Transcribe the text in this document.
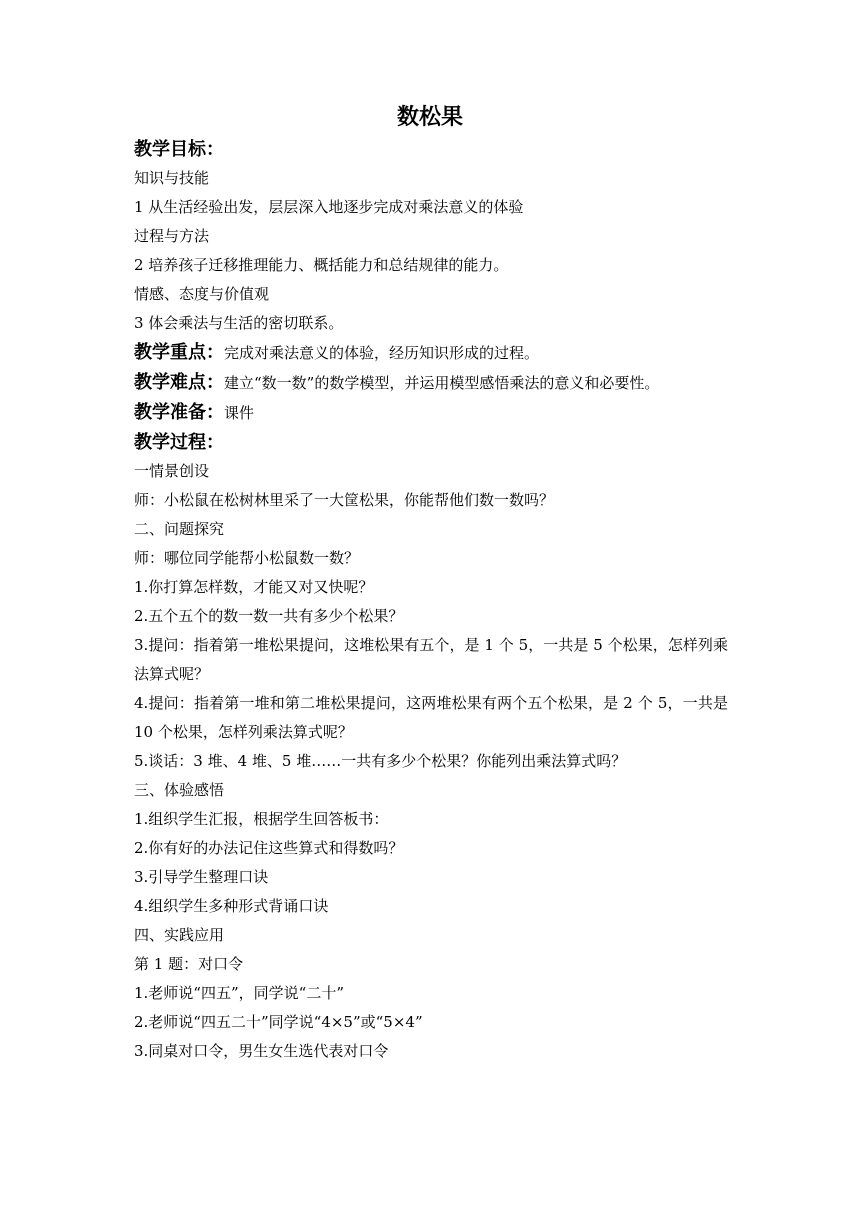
数松果
教学目标：
知识与技能
1 从生活经验出发，层层深入地逐步完成对乘法意义的体验
过程与方法
2 培养孩子迁移推理能力、概括能力和总结规律的能力。
情感、态度与价值观
3 体会乘法与生活的密切联系。
教学重点：完成对乘法意义的体验，经历知识形成的过程。
教学难点：建立“数一数”的数学模型，并运用模型感悟乘法的意义和必要性。
教学准备：课件
教学过程：
一情景创设
师：小松鼠在松树林里采了一大筐松果，你能帮他们数一数吗？
二、问题探究
师：哪位同学能帮小松鼠数一数？
1.你打算怎样数，才能又对又快呢？
2.五个五个的数一数一共有多少个松果？
3.提问：指着第一堆松果提问，这堆松果有五个，是 1 个 5，一共是 5 个松果，怎样列乘法算式呢？
4.提问：指着第一堆和第二堆松果提问，这两堆松果有两个五个松果，是 2 个 5，一共是 10 个松果，怎样列乘法算式呢？
5.谈话：3 堆、4 堆、5 堆……一共有多少个松果？你能列出乘法算式吗？
三、体验感悟
1.组织学生汇报，根据学生回答板书：
2.你有好的办法记住这些算式和得数吗？
3.引导学生整理口诀
4.组织学生多种形式背诵口诀
四、实践应用
第 1 题：对口令
1.老师说“四五”，同学说“二十”
2.老师说“四五二十”同学说“4×5”或“5×4”
3.同桌对口令，男生女生选代表对口令
